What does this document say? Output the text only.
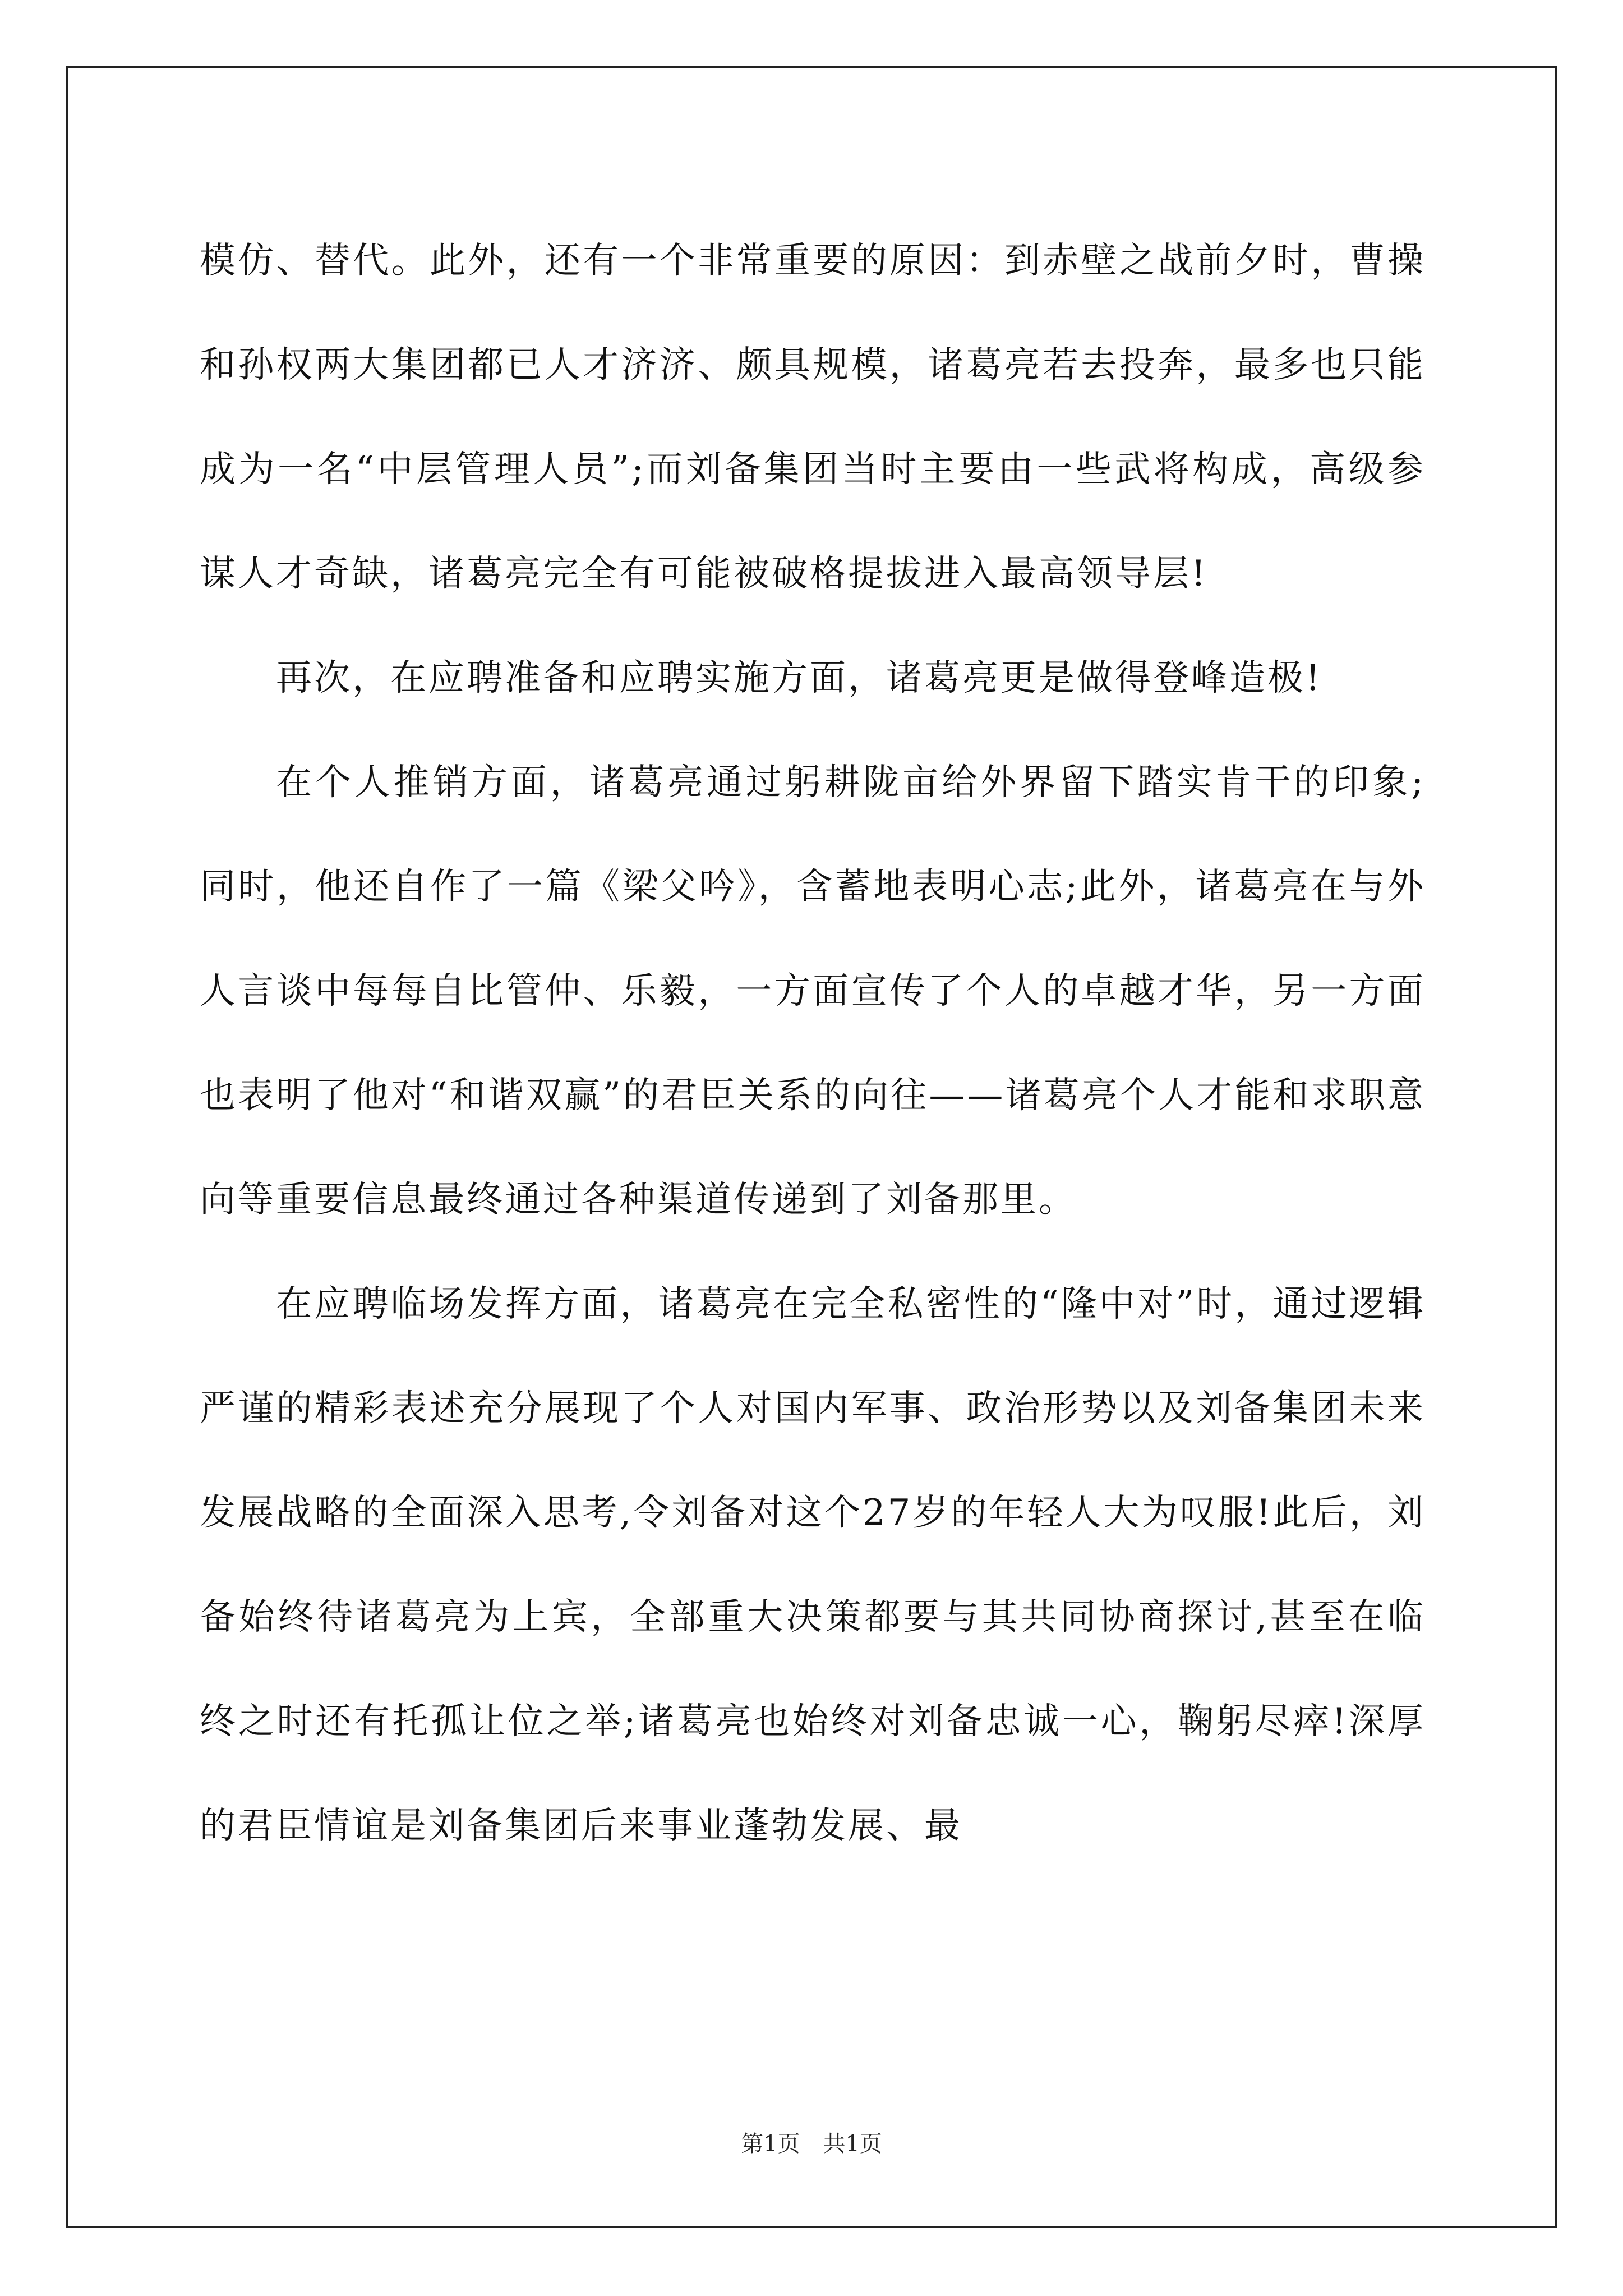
模仿、替代。此外，还有一个非常重要的原因：到赤壁之战前夕时，曹操和孙权两大集团都已人才济济、颇具规模，诸葛亮若去投奔，最多也只能成为一名“中层管理人员”;而刘备集团当时主要由一些武将构成，高级参谋人才奇缺，诸葛亮完全有可能被破格提拔进入最高领导层!

再次，在应聘准备和应聘实施方面，诸葛亮更是做得登峰造极!

在个人推销方面，诸葛亮通过躬耕陇亩给外界留下踏实肯干的印象;同时，他还自作了一篇《梁父吟》，含蓄地表明心志;此外，诸葛亮在与外人言谈中每每自比管仲、乐毅，一方面宣传了个人的卓越才华，另一方面也表明了他对“和谐双赢”的君臣关系的向往——诸葛亮个人才能和求职意向等重要信息最终通过各种渠道传递到了刘备那里。

在应聘临场发挥方面，诸葛亮在完全私密性的“隆中对”时，通过逻辑严谨的精彩表述充分展现了个人对国内军事、政治形势以及刘备集团未来发展战略的全面深入思考,令刘备对这个27岁的年轻人大为叹服!此后，刘备始终待诸葛亮为上宾，全部重大决策都要与其共同协商探讨,甚至在临终之时还有托孤让位之举;诸葛亮也始终对刘备忠诚一心，鞠躬尽瘁!深厚的君臣情谊是刘备集团后来事业蓬勃发展、最

第1页 共1页
